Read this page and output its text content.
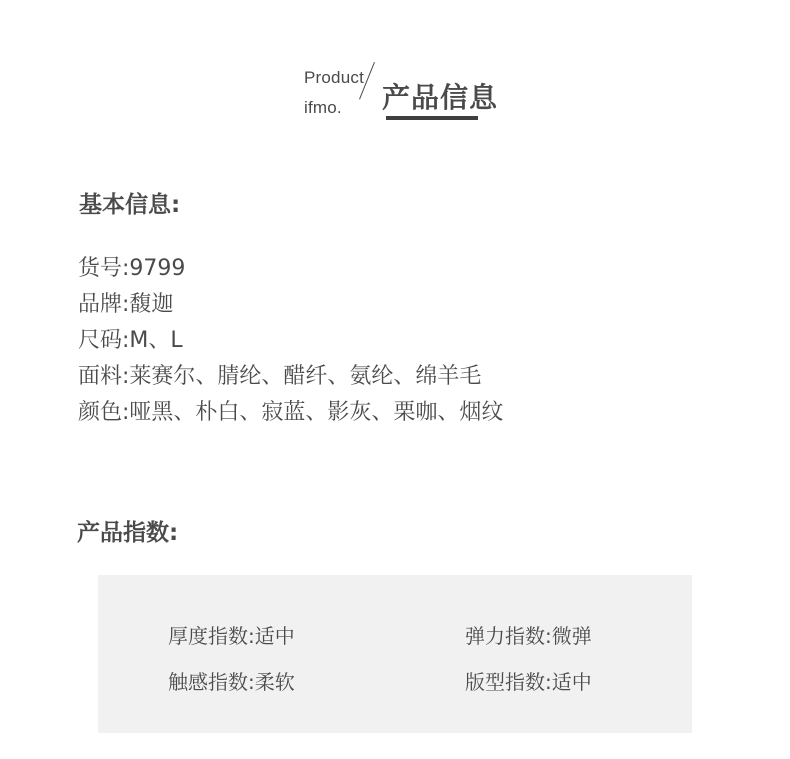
Product
ifmo. 产品信息
基本信息:
货号:9799
品牌:馥迦
尺码:M、L
面料:莱赛尔、腈纶、醋纤、氨纶、绵羊毛
颜色:哑黑、朴白、寂蓝、影灰、栗咖、烟纹
产品指数:
厚度指数:适中	弹力指数:微弹
触感指数:柔软	版型指数:适中
